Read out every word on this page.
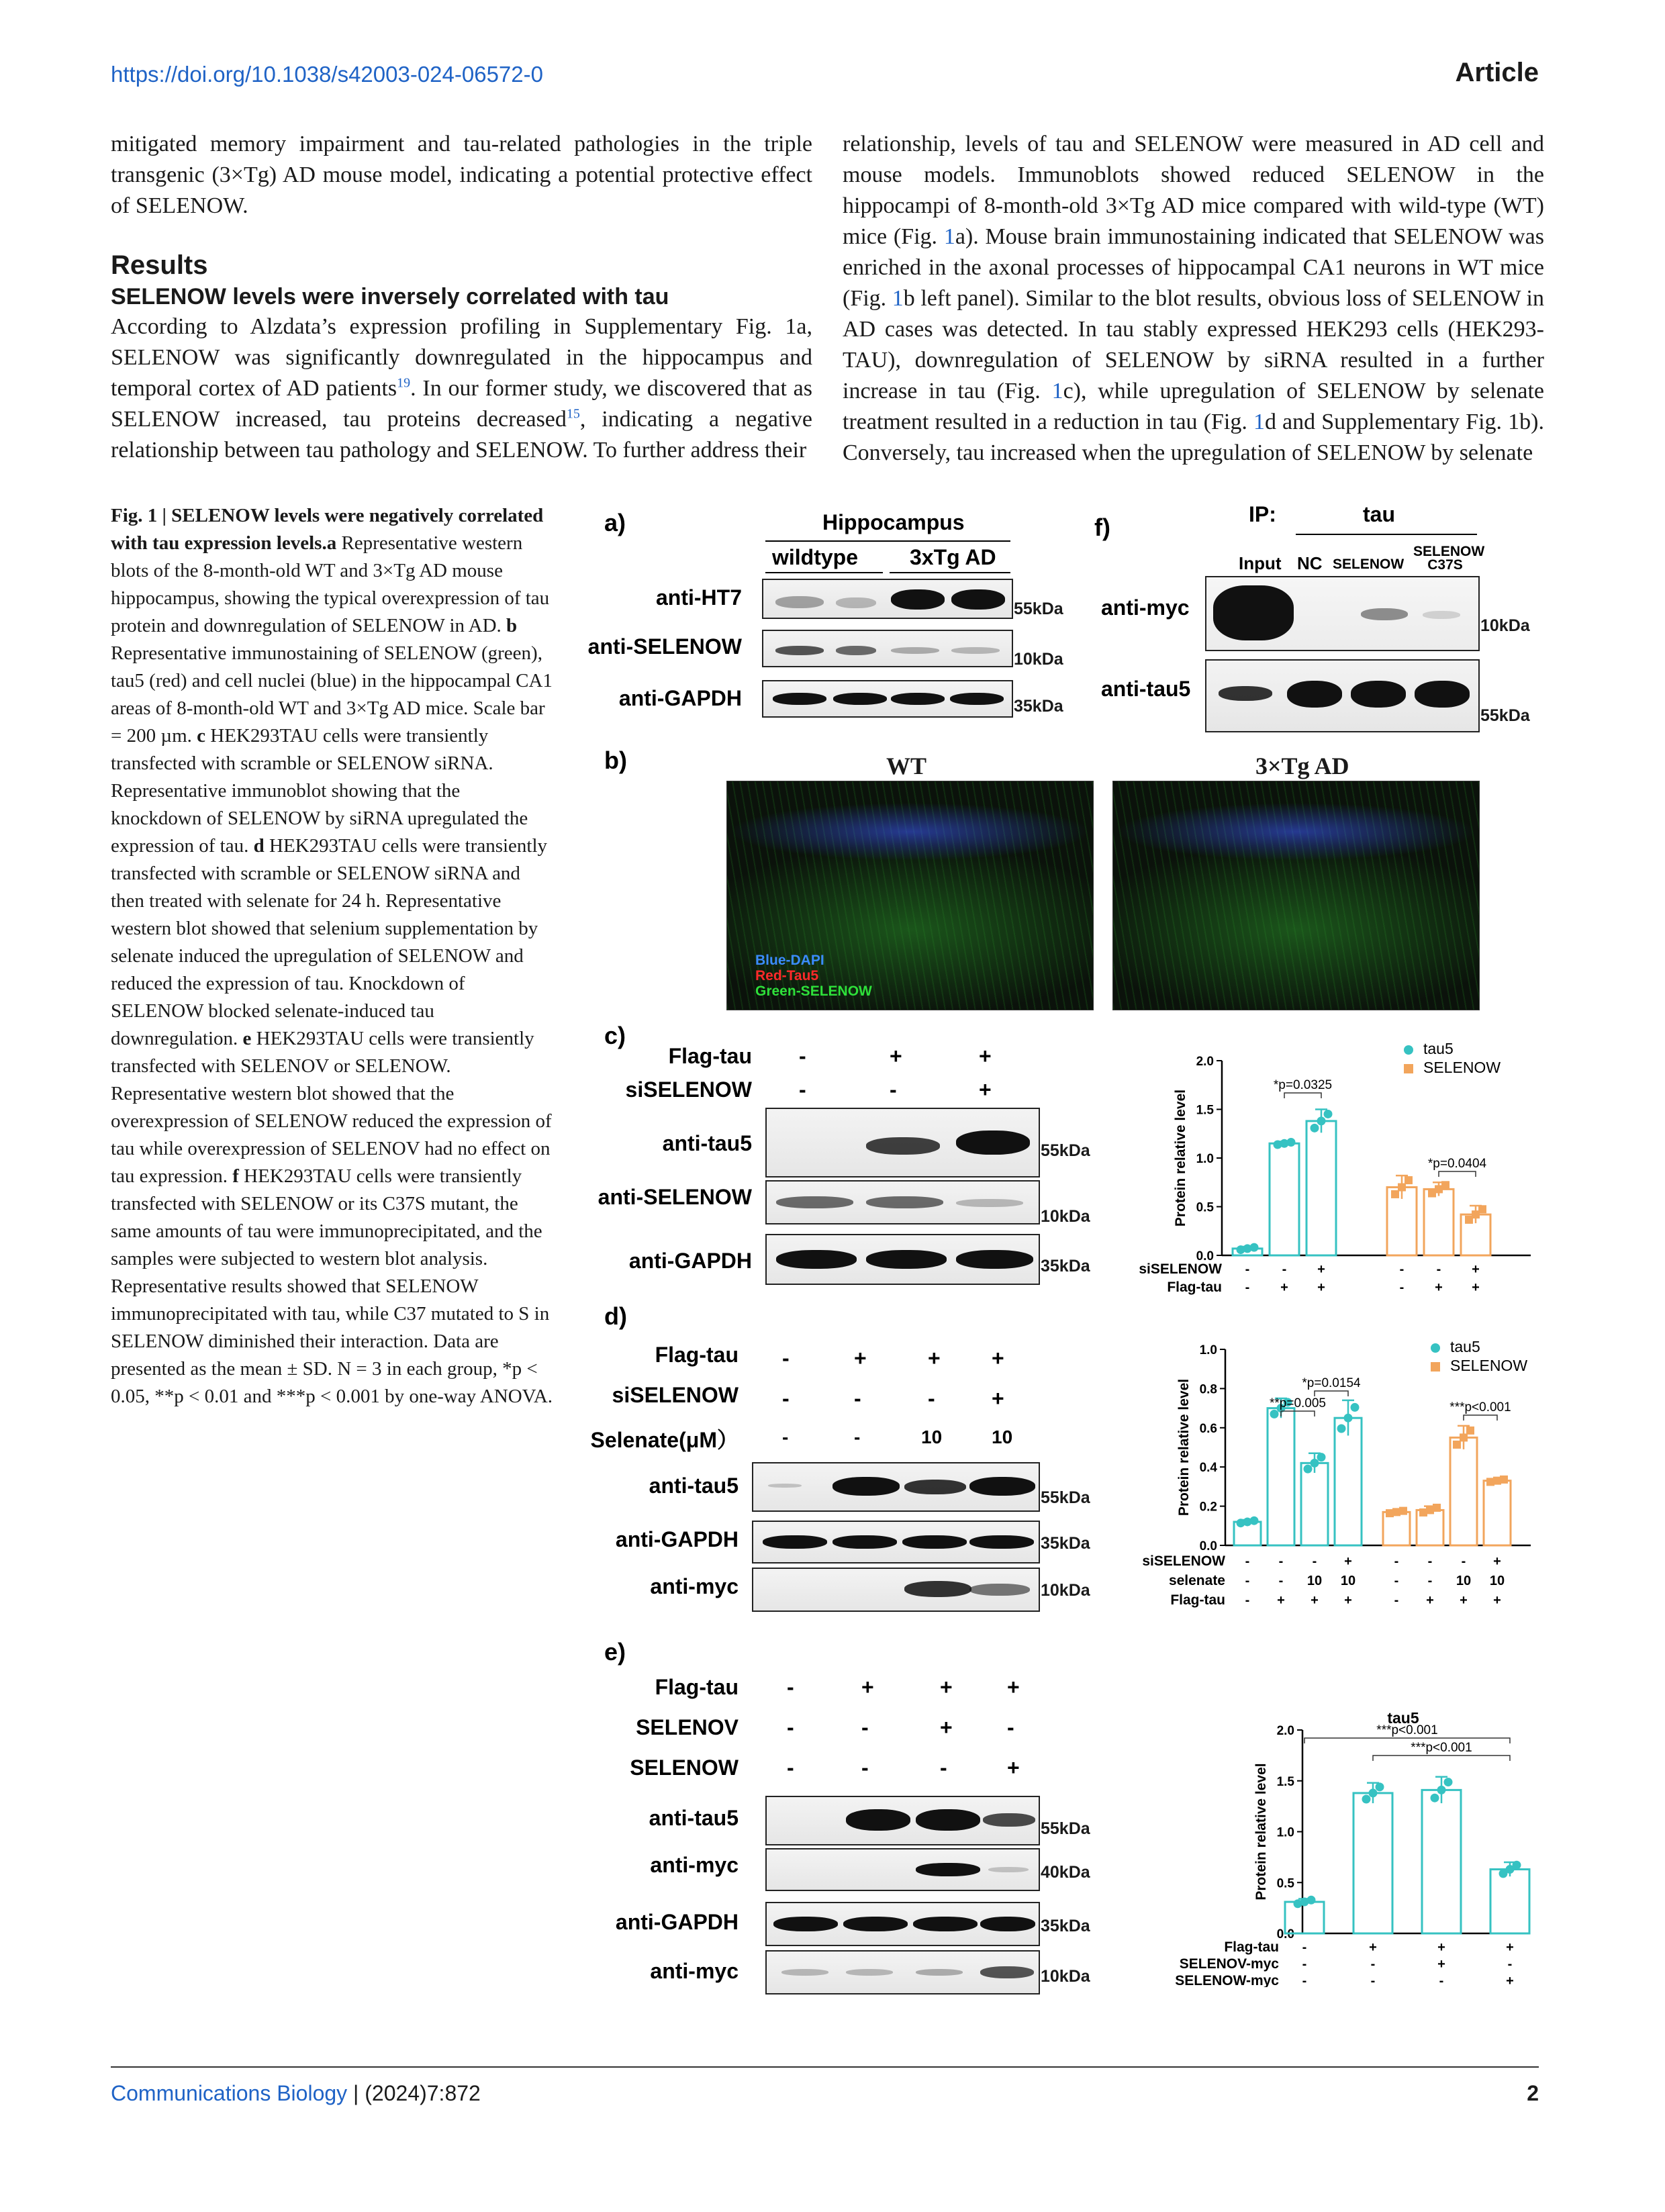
https://doi.org/10.1038/s42003-024-06572-0	Article

mitigated memory impairment and tau-related pathologies in the triple transgenic (3×Tg) AD mouse model, indicating a potential protective effect of SELENOW.

Results
SELENOW levels were inversely correlated with tau

According to Alzdata’s expression profiling in Supplementary Fig. 1a, SELENOW was significantly downregulated in the hippocampus and temporal cortex of AD patients$^{19}$. In our former study, we discovered that as SELENOW increased, tau proteins decreased$^{15}$, indicating a negative relationship between tau pathology and SELENOW. To further address their

relationship, levels of tau and SELENOW were measured in AD cell and mouse models. Immunoblots showed reduced SELENOW in the hippocampi of 8-month-old 3×Tg AD mice compared with wild-type (WT) mice (Fig. 1a). Mouse brain immunostaining indicated that SELENOW was enriched in the axonal processes of hippocampal CA1 neurons in WT mice (Fig. 1b left panel). Similar to the blot results, obvious loss of SELENOW in AD cases was detected. In tau stably expressed HEK293 cells (HEK293-TAU), downregulation of SELENOW by siRNA resulted in a further increase in tau (Fig. 1c), while upregulation of SELENOW by selenate treatment resulted in a reduction in tau (Fig. 1d and Supplementary Fig. 1b). Conversely, tau increased when the upregulation of SELENOW by selenate

Fig. 1 | SELENOW levels were negatively correlated with tau expression levels.a Representative western blots of the 8-month-old WT and 3×Tg AD mouse hippocampus, showing the typical overexpression of tau protein and downregulation of SELENOW in AD. b Representative immunostaining of SELENOW (green), tau5 (red) and cell nuclei (blue) in the hippocampal CA1 areas of 8-month-old WT and 3×Tg AD mice. Scale bar = 200 µm. c HEK293TAU cells were transiently transfected with scramble or SELENOW siRNA. Representative immunoblot showing that the knockdown of SELENOW by siRNA upregulated the expression of tau. d HEK293TAU cells were transiently transfected with scramble or SELENOW siRNA and then treated with selenate for 24 h. Representative western blot showed that selenium supplementation by selenate induced the upregulation of SELENOW and reduced the expression of tau. Knockdown of SELENOW blocked selenate-induced tau downregulation. e HEK293TAU cells were transiently transfected with SELENOV or SELENOW. Representative western blot showed that the overexpression of SELENOW reduced the expression of tau while overexpression of SELENOV had no effect on tau expression. f HEK293TAU cells were transiently transfected with SELENOW or its C37S mutant, the same amounts of tau were immunoprecipitated, and the samples were subjected to western blot analysis. Representative results showed that SELENOW immunoprecipitated with tau, while C37 mutated to S in SELENOW diminished their interaction. Data are presented as the mean ± SD. N = 3 in each group, *p < 0.05, **p < 0.01 and ***p < 0.001 by one-way ANOVA.
a)	Hippocampus
wildtype 3xTg AD
anti-HT7	55kDa
anti-SELENOW
10kDa
anti-GAPDH	35kDa
f)	IP:	tau
Input NC SELENOW
SELENOW C37S
anti-myc
10kDa
anti-tau5
55kDa
b)	WT	3×Tg AD
Blue-DAPI
Red-Tau5
Green-SELENOW
c)
Flag-tau -	+	+
siSELENOW -	-	+
anti-tau5	55kDa
anti-SELENOW
10kDa
anti-GAPDH	35kDa
d)
Flag-tau -	+	+ +
siSELENOW -	-	-	+
Selenate(μM） -	-	10	10
anti-tau5	55kDa
anti-GAPDH	35kDa
anti-myc	10kDa
e)
Flag-tau -	+	+	+
SELENOV -	-	+	-
SELENOW -	-	-	+
anti-tau5	55kDa
anti-myc	40kDa
anti-GAPDH	35kDa
anti-myc	10kDa
0.0
0.5
1.0
1.5
2.0
Protein relative level
*p=0.0325
*p=0.0404
tau5
SELENOW
siSELENOW - - +	- - +
Flag-tau - + +	- + +
0.0
0.2
0.4
0.6
0.8
1.0
Protein relative level	**p=0.005
*p=0.0154
***p<0.001
tau5
SELENOW
siSELENOW - - - +	- - - +
selenate - - 10 10	- - 10 10
Flag-tau - + + +	- + + +
0.0
0.5
1.0
1.5
2.0
Protein relative level
tau5
***p<0.001
***p<0.001
Flag-tau -	+	+	+
SELENOV-myc -	-	+	-
SELENOW-myc -	-	-	+
Communications Biology | (2024)7:872	2
